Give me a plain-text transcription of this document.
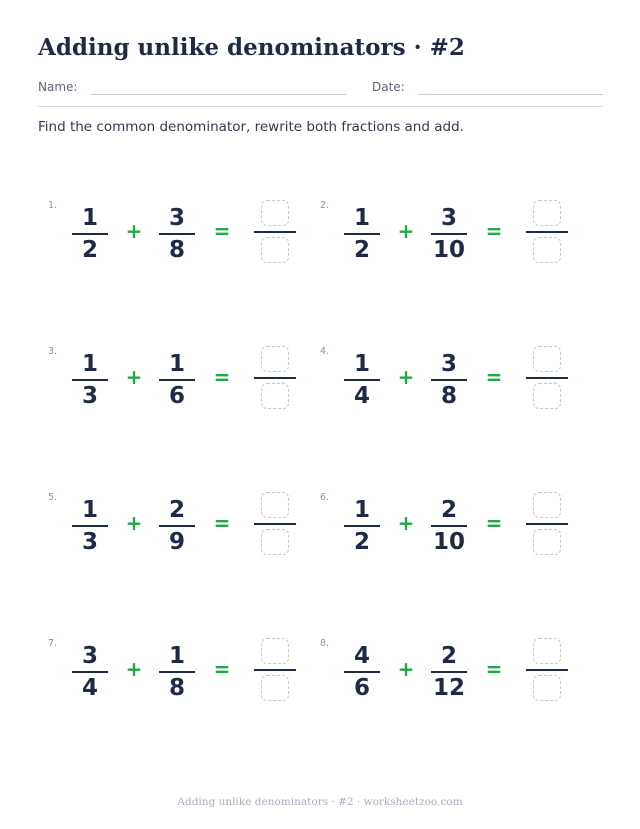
Adding unlike denominators · #2
Name:	Date:

Find the common denominator, rewrite both fractions and add.

1.	1
2
+	3
8
=
2.	1
2
+	3
10
=
3.	1
3
+	1
6
=
4.	1
4
+	3
8
=
5.	1
3
+	2
9
=
6.	1
2
+	2
10
=
7.	3
4
+	1
8
=
8.	4
6
+	2
12
=
Adding unlike denominators · #2 · worksheetzoo.com
